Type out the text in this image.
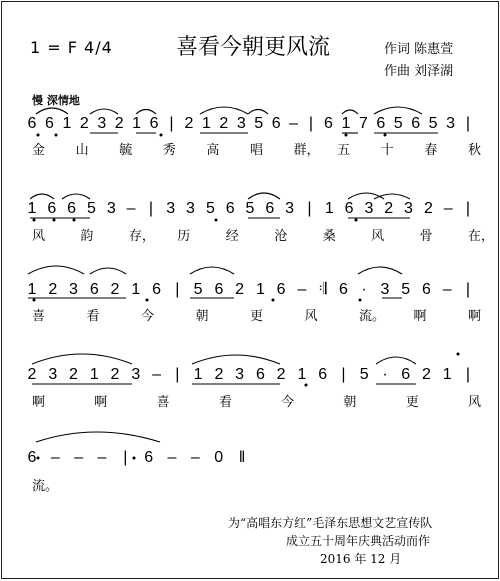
1 = F 4/4	喜看今朝更风流	作词 陈惠萱
作曲 刘泽湖
慢 深情地
6 6 1 2 3 2 1 6 | 2 1 2 3 5 6 – | 6 1 7 6 5 6 5 3 |
1 6 6 5 3 – | 3 3 5 6 5 6 3 | 1 6 3 2 3 2 – |
1 2 3 6 2 1 6 | 5 6 2 1 6 – 𝄇 6 · 3 5 6 – |
2 3 2 1 2 3 – | 1 2 3 6 2 1 6 | 5 · 6 2 1 |
6 – – – | 6 – – 0 ‖
金 山 毓 秀 高 唱 群， 五 十 春 秋
风	韵	存， 历	经	沧	桑	风	骨	在，
喜	看	今	朝	更	风	流。 啊	啊
啊	啊	喜	看	今	朝	更	风
流。
为“高唱东方红”毛泽东思想文艺宣传队
成立五十周年庆典活动而作
2016 年 12 月
